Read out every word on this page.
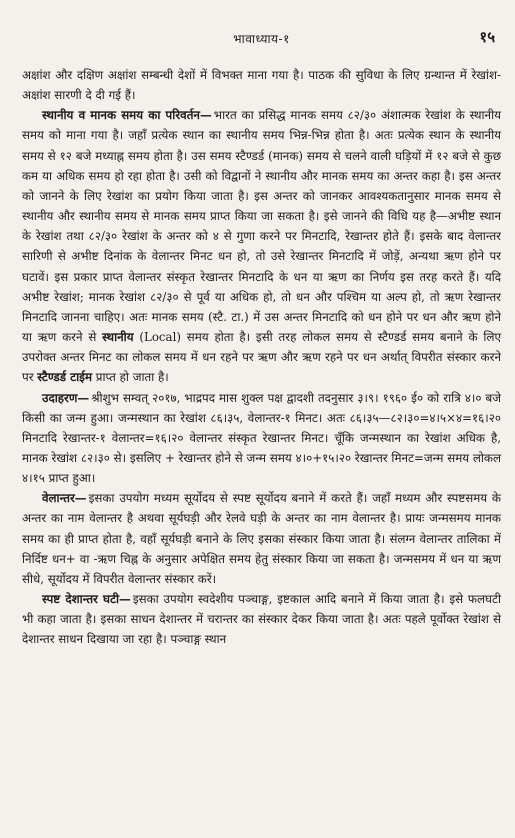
भावाध्याय-१	१५

अक्षांश और दक्षिण अक्षांश सम्बन्धी देशों में विभक्त माना गया है। पाठक की सुविधा के लिए ग्रन्थान्त में रेखांश-अक्षांश सारणी दे दी गई हैं।

स्थानीय व मानक समय का परिवर्तन— भारत का प्रसिद्ध मानक समय ८२/३० अंशात्मक रेखांश के स्थानीय समय को माना गया है। जहाँ प्रत्येक स्थान का स्थानीय समय भिन्न-भिन्न होता है। अतः प्रत्येक स्थान के स्थानीय समय से १२ बजे मध्याह्न समय होता है। उस समय स्टैण्डर्ड (मानक) समय से चलने वाली घड़ियों में १२ बजे से कुछ कम या अधिक समय हो रहा होता है। उसी को विद्वानों ने स्थानीय और मानक समय का अन्तर कहा है। इस अन्तर को जानने के लिए रेखांश का प्रयोग किया जाता है। इस अन्तर को जानकर आवश्यकतानुसार मानक समय से स्थानीय और स्थानीय समय से मानक समय प्राप्त किया जा सकता है। इसे जानने की विधि यह है—अभीष्ट स्थान के रेखांश तथा ८२/३० रेखांश के अन्तर को ४ से गुणा करने पर मिनटादि, रेखान्तर होते हैं। इसके बाद वेलान्तर सारिणी से अभीष्ट दिनांक के वेलान्तर मिनट धन हो, तो उसे रेखान्तर मिनटादि में जोड़ें, अन्यथा ऋण होने पर घटावें। इस प्रकार प्राप्त वेलान्तर संस्कृत रेखान्तर मिनटादि के धन या ऋण का निर्णय इस तरह करते हैं। यदि अभीष्ट रेखांश; मानक रेखांश ८२/३० से पूर्व या अधिक हो, तो धन और पश्चिम या अल्प हो, तो ऋण रेखान्तर मिनटादि जानना चाहिए। अतः मानक समय (स्टै. टा.) में उस अन्तर मिनटादि को धन होने पर धन और ऋण होने या ऋण करने से स्थानीय (Local) समय होता है। इसी तरह लोकल समय से स्टैण्डर्ड समय बनाने के लिए उपरोक्त अन्तर मिनट का लोकल समय में धन रहने पर ऋण और ऋण रहने पर धन अर्थात् विपरीत संस्कार करने पर स्टैण्डर्ड टाईम प्राप्त हो जाता है।

उदाहरण— श्रीशुभ सम्वत् २०१७, भाद्रपद मास शुक्ल पक्ष द्वादशी तदनुसार ३।९। १९६० ई० को रात्रि ४।० बजे किसी का जन्म हुआ। जन्मस्थान का रेखांश ८६।३५, वेलान्तर-१ मिनट। अतः ८६।३५—८२।३०=४।५×४=१६।२० मिनटादि रेखान्तर-१ वेलान्तर=१६।२० वेलान्तर संस्कृत रेखान्तर मिनट। चूँकि जन्मस्थान का रेखांश अधिक है, मानक रेखांश ८२।३० से। इसलिए + रेखान्तर होने से जन्म समय ४।०+१५।२० रेखान्तर मिनट=जन्म समय लोकल ४।१५ प्राप्त हुआ।

वेलान्तर— इसका उपयोग मध्यम सूर्योदय से स्पष्ट सूर्योदय बनाने में करते हैं। जहाँ मध्यम और स्पष्टसमय के अन्तर का नाम वेलान्तर है अथवा सूर्यघड़ी और रेलवे घड़ी के अन्तर का नाम वेलान्तर है। प्रायः जन्मसमय मानक समय का ही प्राप्त होता है, वहाँ सूर्यघड़ी बनाने के लिए इसका संस्कार किया जाता है। संलग्न वेलान्तर तालिका में निर्दिष्ट धन+ वा -ऋण चिह्न के अनुसार अपेक्षित समय हेतु संस्कार किया जा सकता है। जन्मसमय में धन या ऋण सीधे, सूर्योदय में विपरीत वेलान्तर संस्कार करें।

स्पष्ट देशान्तर घटी— इसका उपयोग स्वदेशीय पञ्चाङ्ग, इष्टकाल आदि बनाने में किया जाता है। इसे फलघटी भी कहा जाता है। इसका साधन देशान्तर में चरान्तर का संस्कार देकर किया जाता है। अतः पहले पूर्वोक्त रेखांश से देशान्तर साधन दिखाया जा रहा है। पञ्चाङ्ग स्थान
